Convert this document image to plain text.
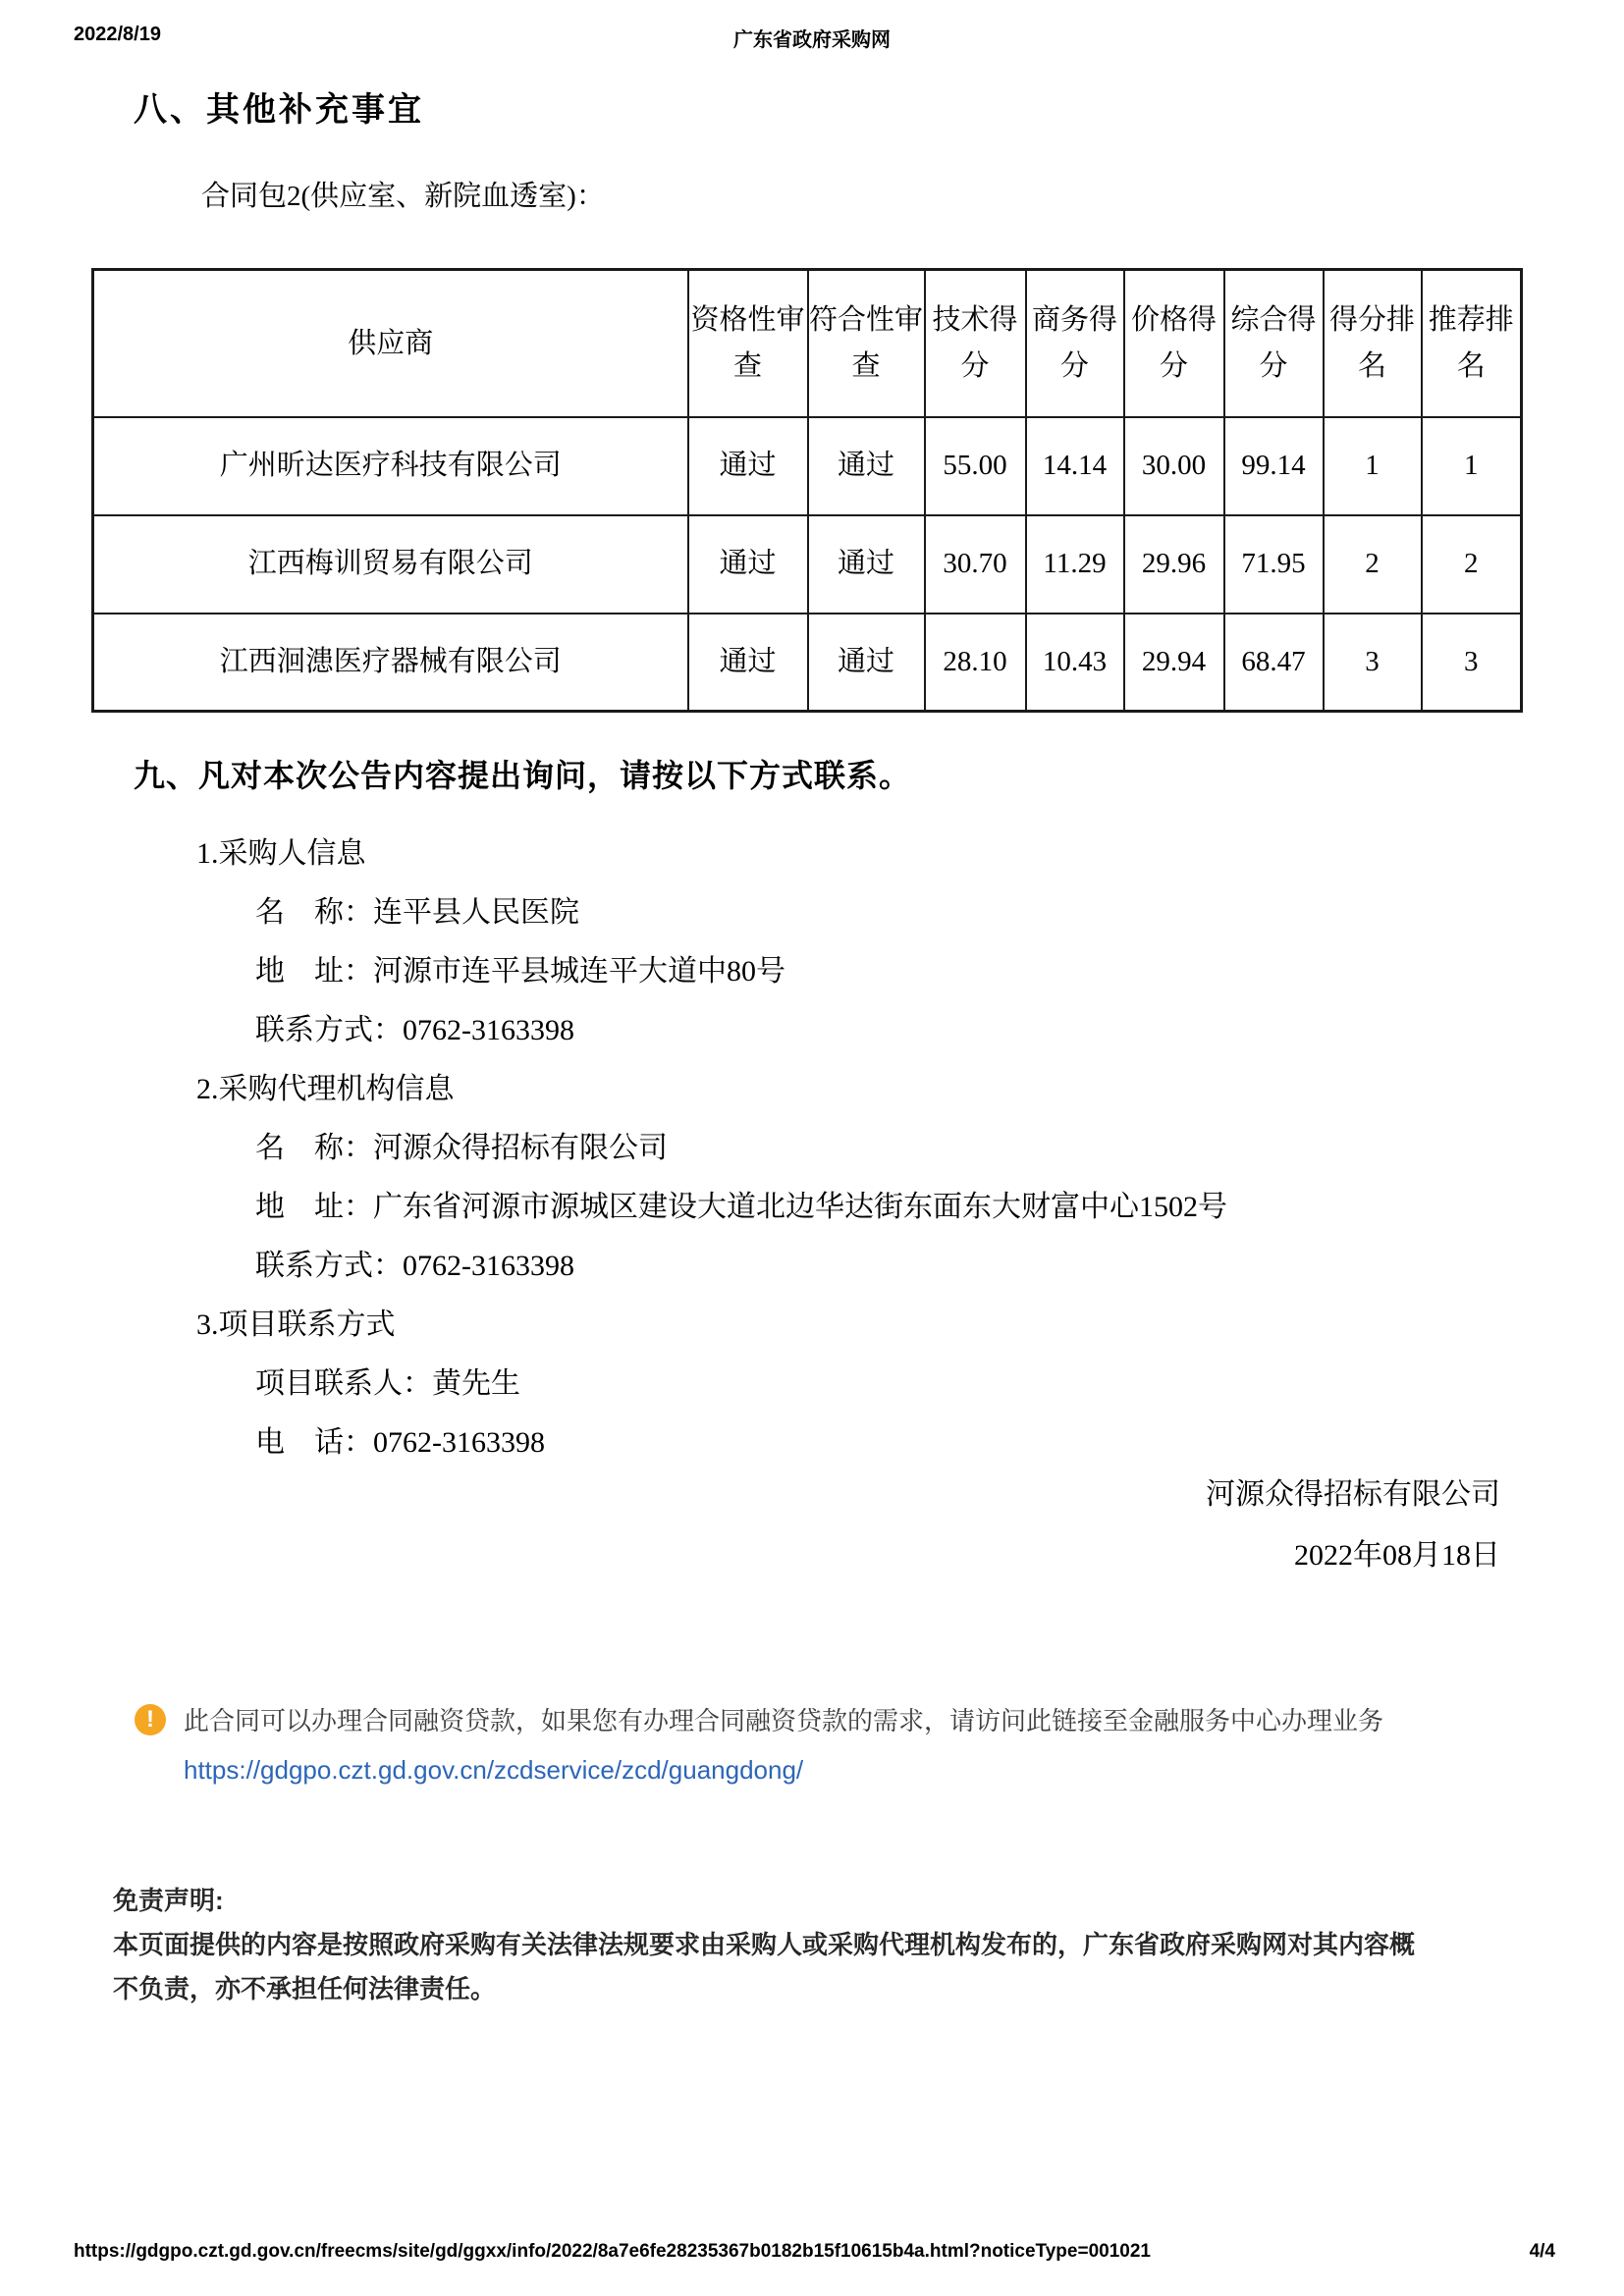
2022/8/19	广东省政府采购网
八、其他补充事宜
合同包2(供应室、新院血透室)：
供应商	资格性审查	符合性审查	技术得分	商务得分	价格得分	综合得分	得分排名	推荐排名
广州昕达医疗科技有限公司	通过	通过	55.00	14.14	30.00	99.14	1	1
江西梅训贸易有限公司	通过	通过	30.70	11.29	29.96	71.95	2	2
江西洄漶医疗器械有限公司	通过	通过	28.10	10.43	29.94	68.47	3	3
九、凡对本次公告内容提出询问，请按以下方式联系。
1.采购人信息
名　称：连平县人民医院
地　址：河源市连平县城连平大道中80号
联系方式：0762-3163398
2.采购代理机构信息
名　称：河源众得招标有限公司
地　址：广东省河源市源城区建设大道北边华达街东面东大财富中心1502号
联系方式：0762-3163398
3.项目联系方式
项目联系人：黄先生
电　话：0762-3163398
河源众得招标有限公司
2022年08月18日
!
此合同可以办理合同融资贷款，如果您有办理合同融资贷款的需求，请访问此链接至金融服务中心办理业务
https://gdgpo.czt.gd.gov.cn/zcdservice/zcd/guangdong/
免责声明:
本页面提供的内容是按照政府采购有关法律法规要求由采购人或采购代理机构发布的，广东省政府采购网对其内容概不负责，亦不承担任何法律责任。
https://gdgpo.czt.gd.gov.cn/freecms/site/gd/ggxx/info/2022/8a7e6fe28235367b0182b15f10615b4a.html?noticeType=001021	4/4
